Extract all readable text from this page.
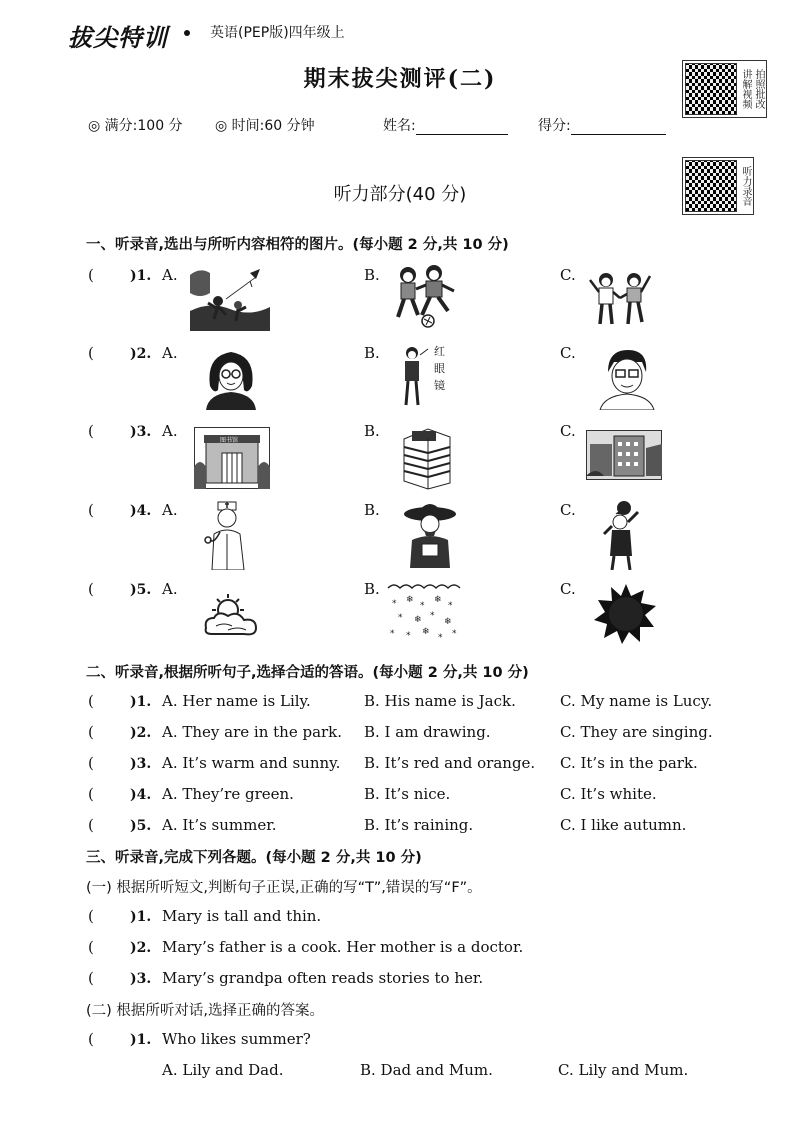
拔尖特训	英语(PEP版)四年级上
期末拔尖测评(二)	讲解视频 拍照批改
◎ 满分:100 分 ◎ 时间:60 分钟	姓名:	得分:
听力录音
听力部分(40 分)
一、听录音,选出与所听内容相符的图片。(每小题 2 分,共 10 分)
(	)1. A.	B.	C.
(	)2. A.	B.	C.
(	)3. A.	B.	C.
(	)4. A.	B.	C.
(	)5. A.	B.	C.
红
眼
镜
图书馆
* ❄
*
❄
*
* ❄ *
❄
* * ❄
* *
二、听录音,根据所听句子,选择合适的答语。(每小题 2 分,共 10 分)
(	)1. A. Her name is Lily.	B. His name is Jack.	C. My name is Lucy.
(	)2. A. They are in the park. B. I am drawing.	C. They are singing.
(	)3. A. It’s warm and sunny. B. It’s red and orange. C. It’s in the park.
(	)4. A. They’re green.	B. It’s nice.	C. It’s white.
(	)5. A. It’s summer.	B. It’s raining.	C. I like autumn.
三、听录音,完成下列各题。(每小题 2 分,共 10 分)
(一) 根据所听短文,判断句子正误,正确的写“T”,错误的写“F”。
(	)1. Mary is tall and thin.
(	)2. Mary’s father is a cook. Her mother is a doctor.
(	)3. Mary’s grandpa often reads stories to her.
(二) 根据所听对话,选择正确的答案。
(	)1. Who likes summer?
A. Lily and Dad.	B. Dad and Mum.	C. Lily and Mum.
